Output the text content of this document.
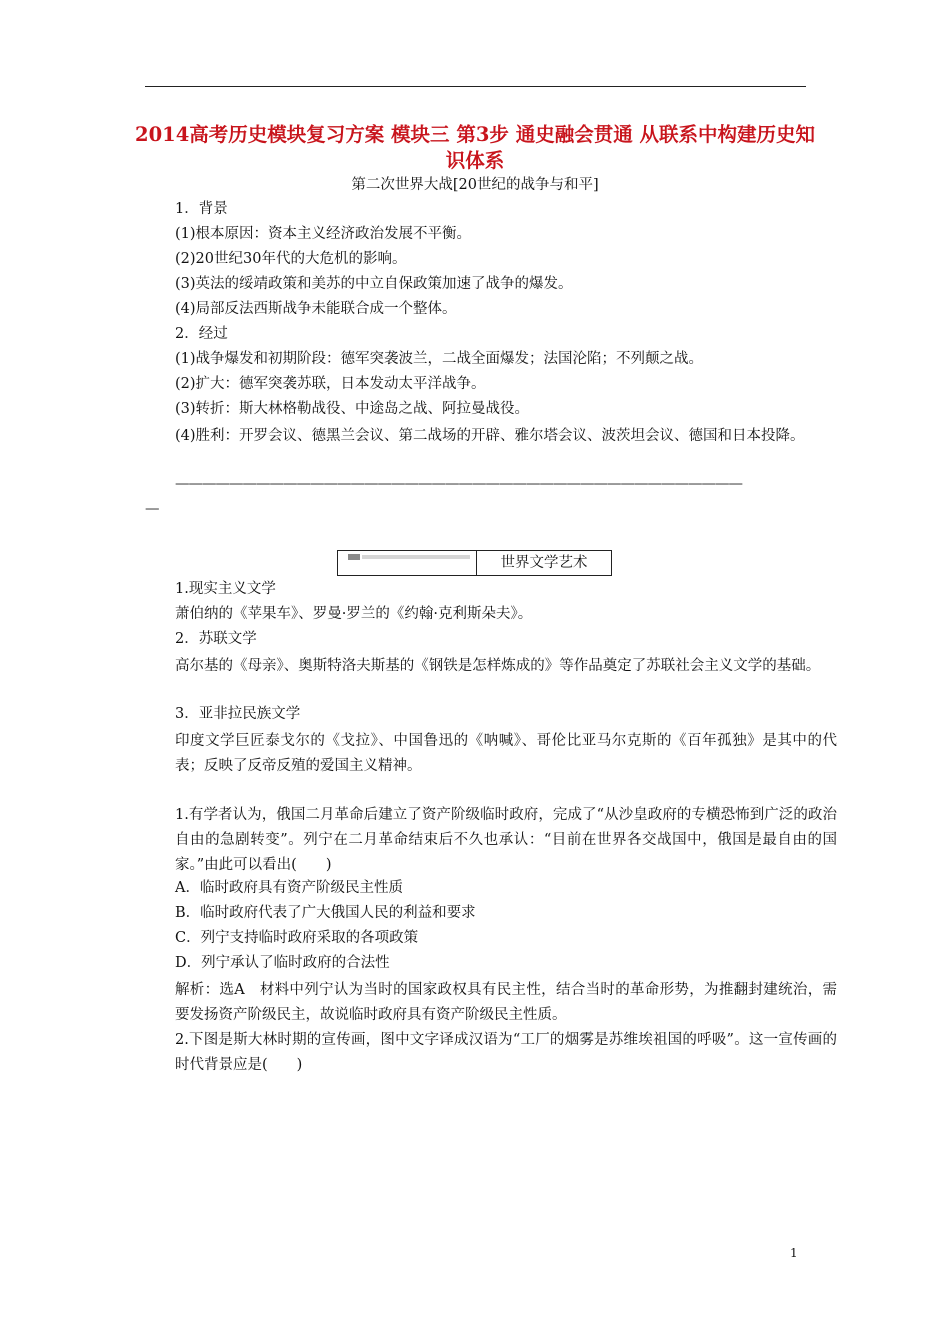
2014高考历史模块复习方案 模块三 第3步 通史融会贯通 从联系中构建历史知识体系
第二次世界大战[20世纪的战争与和平]
1．背景
(1)根本原因：资本主义经济政治发展不平衡。
(2)20世纪30年代的大危机的影响。
(3)英法的绥靖政策和美苏的中立自保政策加速了战争的爆发。
(4)局部反法西斯战争未能联合成一个整体。
2．经过
(1)战争爆发和初期阶段：德军突袭波兰，二战全面爆发；法国沦陷；不列颠之战。
(2)扩大：德军突袭苏联，日本发动太平洋战争。
(3)转折：斯大林格勒战役、中途岛之战、阿拉曼战役。
(4)胜利：开罗会议、德黑兰会议、第二战场的开辟、雅尔塔会议、波茨坦会议、德国和日本投降。
——————————————————————————————————————————
—
世界文学艺术
1.现实主义文学
萧伯纳的《苹果车》、罗曼·罗兰的《约翰·克利斯朵夫》。
2．苏联文学
高尔基的《母亲》、奥斯特洛夫斯基的《钢铁是怎样炼成的》等作品奠定了苏联社会主义文学的基础。
3．亚非拉民族文学
印度文学巨匠泰戈尔的《戈拉》、中国鲁迅的《呐喊》、哥伦比亚马尔克斯的《百年孤独》是其中的代表；反映了反帝反殖的爱国主义精神。
1.有学者认为，俄国二月革命后建立了资产阶级临时政府，完成了“从沙皇政府的专横恐怖到广泛的政治自由的急剧转变”。列宁在二月革命结束后不久也承认：“目前在世界各交战国中，俄国是最自由的国家。”由此可以看出(　　)
A．临时政府具有资产阶级民主性质
B．临时政府代表了广大俄国人民的利益和要求
C．列宁支持临时政府采取的各项政策
D．列宁承认了临时政府的合法性
解析：选A　材料中列宁认为当时的国家政权具有民主性，结合当时的革命形势，为推翻封建统治，需要发扬资产阶级民主，故说临时政府具有资产阶级民主性质。
2.下图是斯大林时期的宣传画，图中文字译成汉语为“工厂的烟雾是苏维埃祖国的呼吸”。这一宣传画的时代背景应是(　　)
1
